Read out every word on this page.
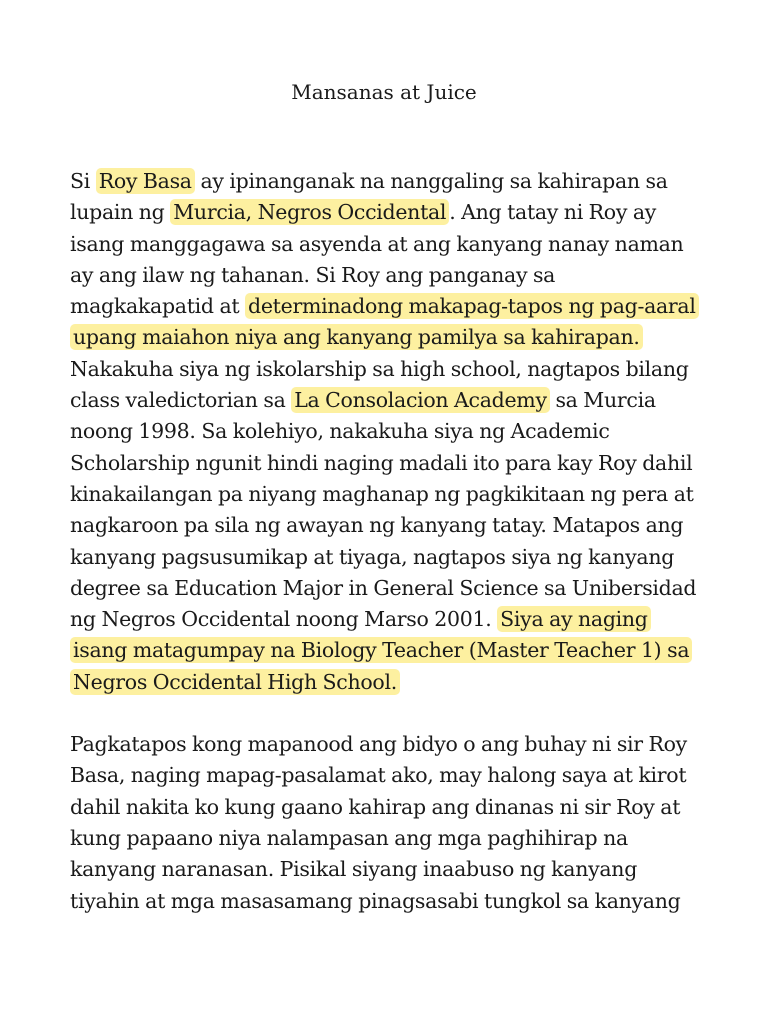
Mansanas at Juice

Si Roy Basa ay ipinanganak na nanggaling sa kahirapan sa lupain ng Murcia, Negros Occidental . Ang tatay ni Roy ay isang manggagawa sa asyenda at ang kanyang nanay naman ay ang ilaw ng tahanan. Si Roy ang panganay sa magkakapatid at determinadong makapag-tapos ng pag-aaral upang maiahon niya ang kanyang pamilya sa kahirapan. Nakakuha siya ng iskolarship sa high school, nagtapos bilang class valedictorian sa La Consolacion Academy sa Murcia noong 1998. Sa kolehiyo, nakakuha siya ng Academic Scholarship ngunit hindi naging madali ito para kay Roy dahil kinakailangan pa niyang maghanap ng pagkikitaan ng pera at nagkaroon pa sila ng awayan ng kanyang tatay. Matapos ang kanyang pagsusumikap at tiyaga, nagtapos siya ng kanyang degree sa Education Major in General Science sa Unibersidad ng Negros Occidental noong Marso 2001. Siya ay naging isang matagumpay na Biology Teacher (Master Teacher 1) sa Negros Occidental High School.

Pagkatapos kong mapanood ang bidyo o ang buhay ni sir Roy Basa, naging mapag-pasalamat ako, may halong saya at kirot dahil nakita ko kung gaano kahirap ang dinanas ni sir Roy at kung papaano niya nalampasan ang mga paghihirap na kanyang naranasan. Pisikal siyang inaabuso ng kanyang tiyahin at mga masasamang pinagsasabi tungkol sa kanyang
